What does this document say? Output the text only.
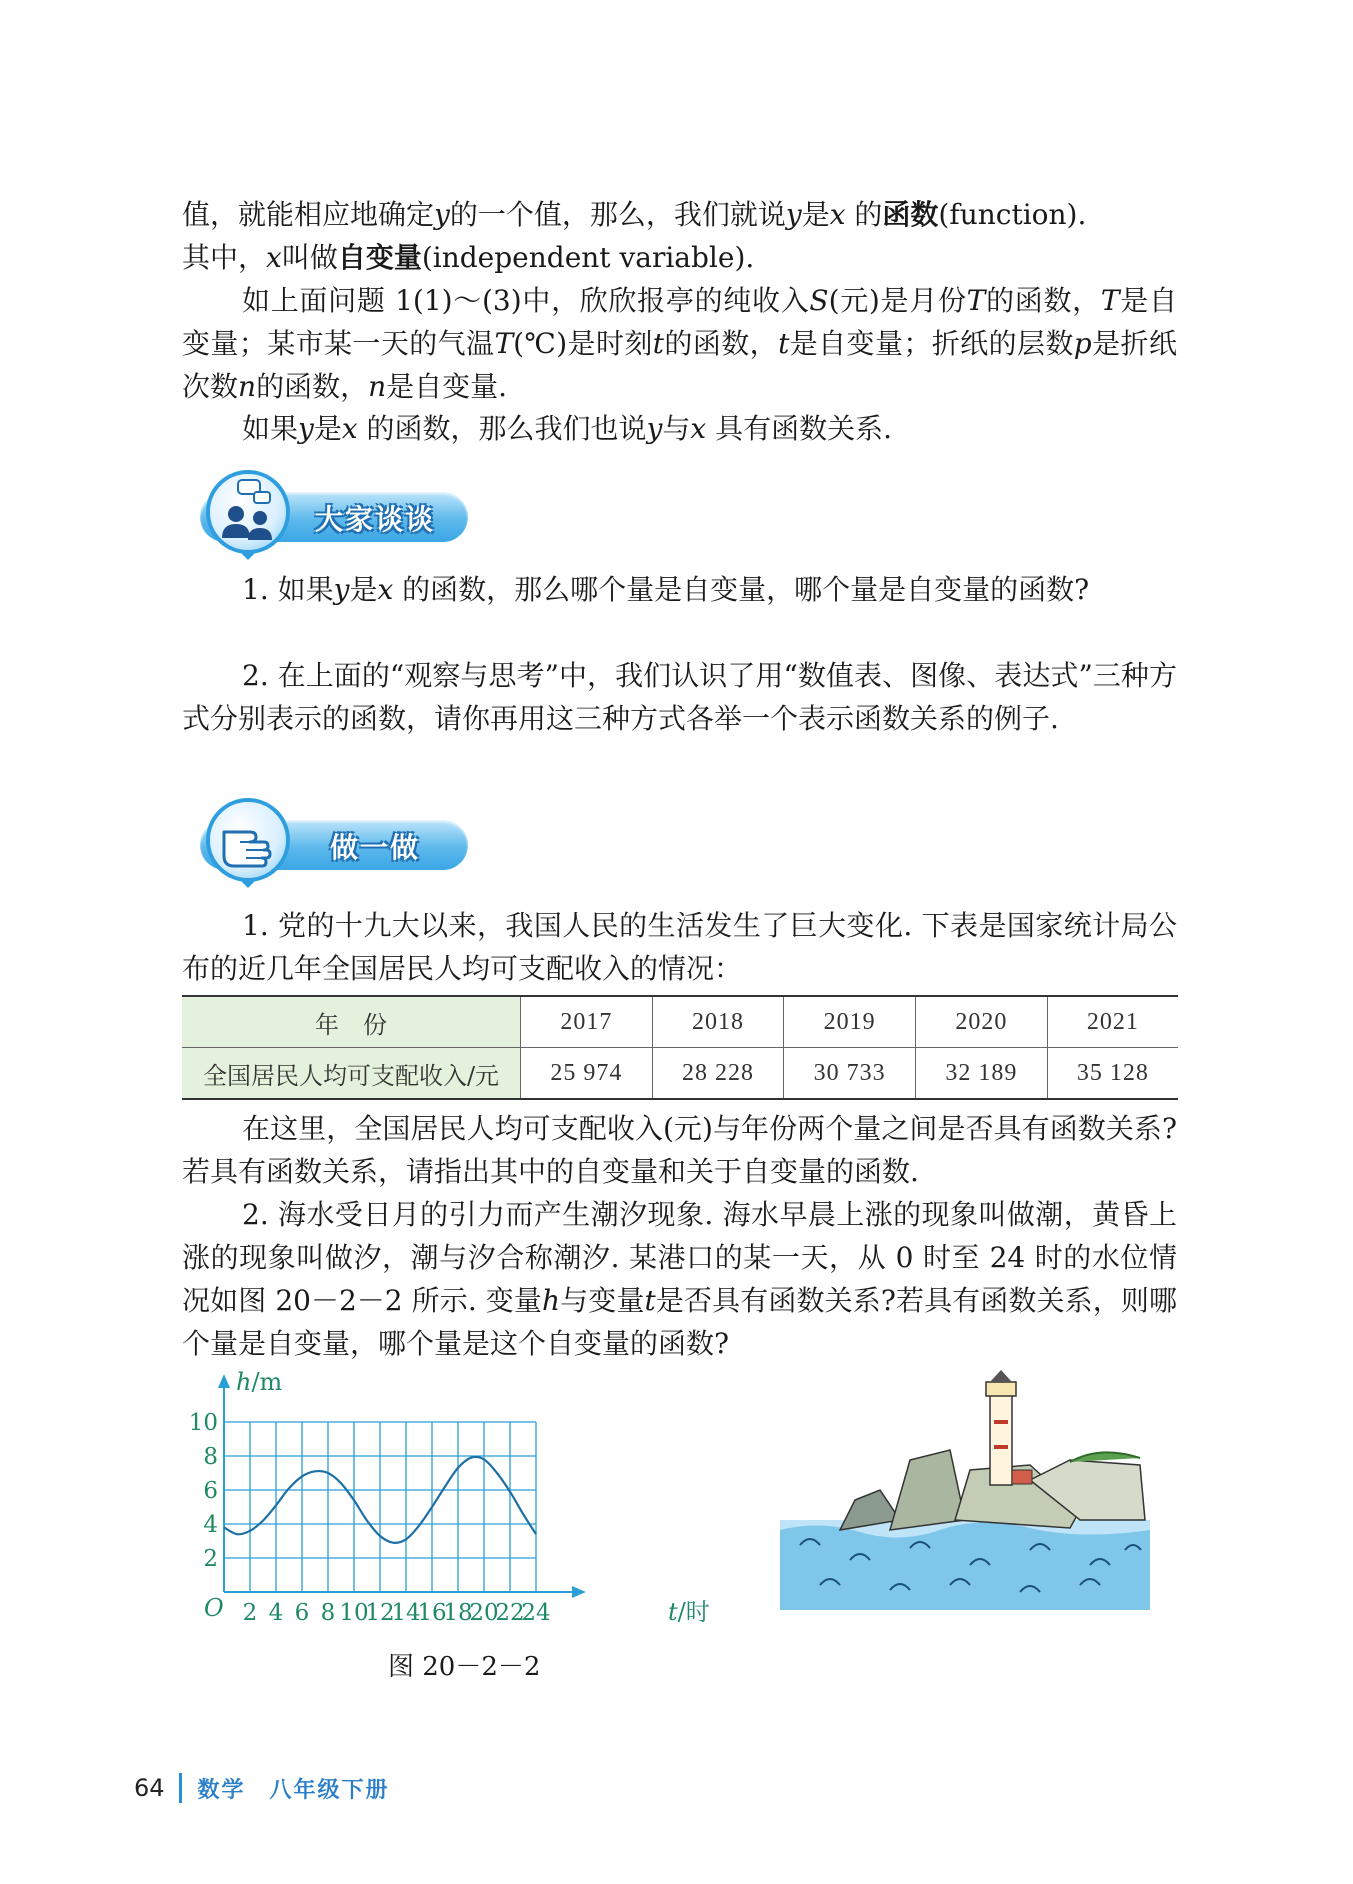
值，就能相应地确定y的一个值，那么，我们就说y是x 的函数(function).
其中，x叫做自变量(independent variable).

如上面问题 1(1)～(3)中，欣欣报亭的纯收入S(元)是月份T的函数，T是自变量；某市某一天的气温T(℃)是时刻t的函数，t是自变量；折纸的层数p是折纸次数n的函数，n是自变量.

如果y是x 的函数，那么我们也说y与x 具有函数关系.

大家谈谈

1. 如果y是x 的函数，那么哪个量是自变量，哪个量是自变量的函数?

2. 在上面的“观察与思考”中，我们认识了用“数值表、图像、表达式”三种方式分别表示的函数，请你再用这三种方式各举一个表示函数关系的例子.

做一做

1. 党的十九大以来，我国人民的生活发生了巨大变化. 下表是国家统计局公布的近几年全国居民人均可支配收入的情况：

年　份	2017	2018	2019	2020	2021
全国居民人均可支配收入/元	25 974	28 228	30 733	32 189	35 128

在这里，全国居民人均可支配收入(元)与年份两个量之间是否具有函数关系?若具有函数关系，请指出其中的自变量和关于自变量的函数.

2. 海水受日月的引力而产生潮汐现象. 海水早晨上涨的现象叫做潮，黄昏上涨的现象叫做汐，潮与汐合称潮汐. 某港口的某一天，从 0 时至 24 时的水位情况如图 20－2－2 所示. 变量h与变量t是否具有函数关系?若具有函数关系，则哪个量是自变量，哪个量是这个自变量的函数?

2 4 6 8 10
12
14
16
18
20
22
24
2
4
6
8
10
h/m
t/时
O
图 20－2－2
64 数学　八年级下册
